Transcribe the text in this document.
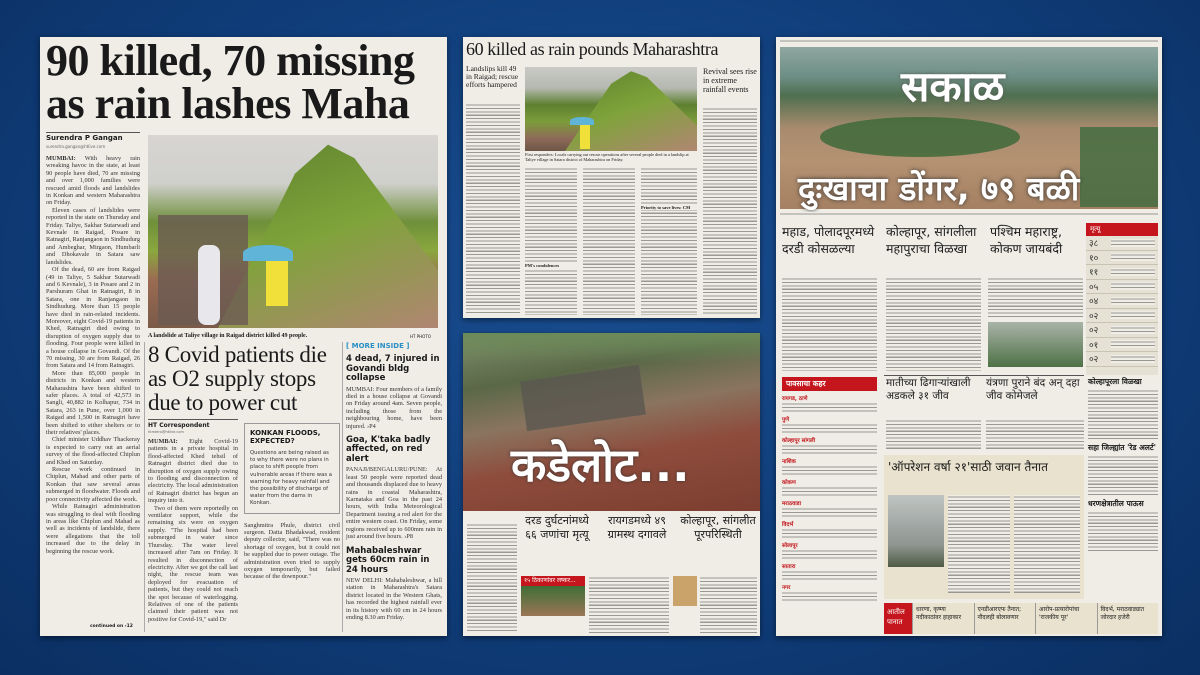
90 killed, 70 missing
as rain lashes Maha
Surendra P Gangan
surendra.gangan@htlive.com
MUMBAI: With heavy rain wreaking havoc in the state, at least 90 people have died, 70 are missing and over 1,000 families were rescued amid floods and landslides in Konkan and western Maharashtra on Friday.

Eleven cases of landslides were reported in the state on Thursday and Friday. Taliye, Sakhar Sutarwadi and Kevnale in Raigad, Posare in Ratnagiri, Ranjangaon in Sindhudurg and Ambeghar, Mirgaon, Humbarli and Dhokavale in Satara saw landslides.

Of the dead, 60 are from Raigad (49 in Taliye, 5 Sakhar Sutarwadi and 6 Kevnale), 3 in Posare and 2 in Parshuram Ghat in Ratnagiri, 8 in Satara, one in Ranjangaon in Sindhudurg. More than 15 people have died in rain-related incidents. Moreover, eight Covid-19 patients in Khed, Ratnagiri died owing to disruption of oxygen supply due to flooding. Four people were killed in a house collapse in Govandi. Of the 70 missing, 30 are from Raigad, 26 from Satara and 14 from Ratnagiri.

More than 85,000 people in districts in Konkan and western Maharashtra have been shifted to safer places. A total of 42,573 in Sangli, 40,882 in Kolhapur, 734 in Satara, 263 in Pune, over 1,000 in Raigad and 1,500 in Ratnagiri have been shifted to either shelters or to their relatives' places.

Chief minister Uddhav Thackeray is expected to carry out an aerial survey of the flood-affected Chiplun and Khed on Saturday.

Rescue work continued in Chiplun, Mahad and other parts of Konkan that saw several areas submerged in floodwater. Floods and poor connectivity affected the work.

While Ratnagiri administration was struggling to deal with flooding in areas like Chiplun and Mahad as well as incidents of landslide, there were allegations that the toll increased due to the delay in beginning the rescue work.

continued on ›12
A landslide at Taliye village in Raigad district killed 49 people.	HT PHOTO
8 Covid patients die as O2 supply stops due to power cut
HT Correspondent
htmetro@htlive.com
MUMBAI: Eight Covid-19 patients in a private hospital in flood-affected Khed tehsil of Ratnagiri district died due to disruption of oxygen supply owing to flooding and disconnection of electricity. The local administration of Ratnagiri district has begun an inquiry into it.

Two of them were reportedly on ventilator support, while the remaining six were on oxygen supply. "The hospital had been submerged in water since Thursday. The water level increased after 7am on Friday. It resulted in disconnection of electricity. After we got the call last night, the rescue team was deployed for evacuation of patients, but they could not reach the spot because of waterlogging. Relatives of one of the patients claimed their patient was not positive for Covid-19," said Dr

KONKAN FLOODS, EXPECTED?
Questions are being raised as to why there were no plans in place to shift people from vulnerable areas if there was a warning for heavy rainfall and the possibility of discharge of water from the dams in Konkan.
Sanghmitra Phule, district civil surgeon. Datta Bhadakwad, resident deputy collector, said, "There was no shortage of oxygen, but it could not be supplied due to power outage. The administration even tried to supply oxygen temporarily, but failed because of the downpour."
[ MORE INSIDE ]
4 dead, 7 injured in Govandi bldg collapse
MUMBAI: Four members of a family died in a house collapse at Govandi on Friday around 4am. Seven people, including those from the neighbouring home, have been injured. ›P4
Goa, K'taka badly affected, on red alert
PANAJI/BENGALURU/PUNE: At least 50 people were reported dead and thousands displaced due to heavy rains in coastal Maharashtra, Karnataka and Goa in the past 24 hours, with India Meteorological Department issuing a red alert for the entire western coast. On Friday, some regions received up to 600mm rain in just around five hours. ›P8
Mahabaleshwar gets 60cm rain in 24 hours
NEW DELHI: Mahabaleshwar, a hill station in Maharashtra's Satara district located in the Western Ghats, has recorded the highest rainfall ever in its history with 60 cm in 24 hours ending 8.30 am Friday.
60 killed as rain pounds Maharashtra
Landslips kill 49 in Raigad; rescue efforts hampered
First responders: Locals carrying out rescue operations after several people died in a landslip at Taliye village in Satara district of Maharashtra on Friday.
Revival sees rise in extreme rainfall events
PM's condolences
Priority to save lives: CM
कडेलोट...
दरड दुर्घटनांमध्ये ६६ जणांचा मृत्यू
रायगडमध्ये ४९ ग्रामस्थ दगावले
कोल्हापूर, सांगलीत पूरपरिस्थिती
१५ ठिकाणांवर लष्कर...
सकाळ
दुःखाचा डोंगर, ७९ बळी
महाड, पोलादपूरमध्ये दरडी कोसळल्या
कोल्हापूर, सांगलीला महापुराचा विळखा
पश्चिम महाराष्ट्र, कोकण जायबंदी
मृत्यू
३८
१०
११
०५
०४
०२
०२
०१
०२
पावसाचा कहर
रायगड, ठाणे
पुणे
कोल्हापूर सांगली
नाशिक
कोकण
मराठवाडा
विदर्भ
सोलापूर
सातारा
नगर
मातीच्या ढिगाऱ्यांखाली अडकले ३१ जीव
यंत्रणा पुराने बंद अन् दहा जीव कोमेजले
'ऑपरेशन वर्षा २१'साठी जवान तैनात
कोल्हापूरला विळखा
सहा जिल्ह्यांत 'रेड अलर्ट'
धरणक्षेत्रातील पाऊस
आतील पानात
धारणा, कृष्णा नदीकाठांवर हाहाकार
एनडीआरएफ तैनात; नौदलही बोलावणार
आरोप-प्रत्यारोपांचा 'राजकीय पूर'
विदर्भ, मराठवाड्यात जोरदार हजेरी
